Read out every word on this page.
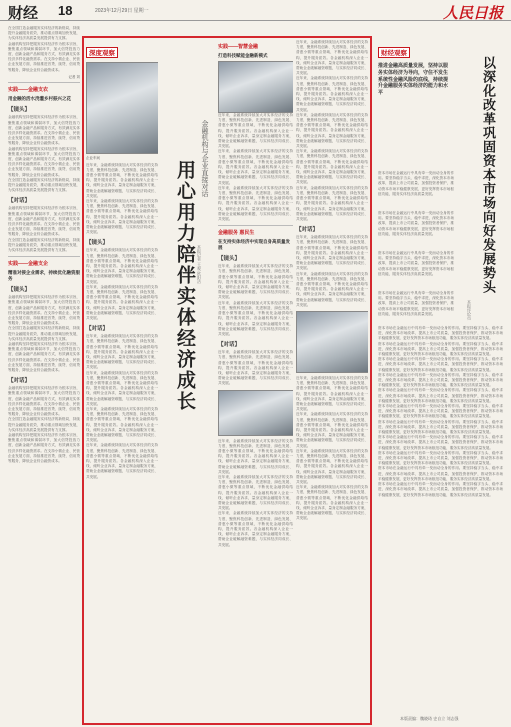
财经 18	2023年12月29日 星期一	人民日报

在全国打造金融服务实体经济的新格局，持续提升金融服务质效，推动重点领域加快发展，为实体经济高质量发展提供有力支撑。

金融机构坚持把服务实体经济作为根本宗旨，聚焦重点领域和薄弱环节，加大信贷投放力度，创新金融产品和服务方式，有效满足实体经济多样化融资需求。在支持小微企业、民营企业发展方面，持续推进首贷、续贷、信用贷等服务，降低企业综合融资成本。

记者 刘

实践——金融支农
用金融的活水浇灌乡村振兴之花
【镜头】

金融机构坚持把服务实体经济作为根本宗旨，聚焦重点领域和薄弱环节，加大信贷投放力度，创新金融产品和服务方式，有效满足实体经济多样化融资需求。在支持小微企业、民营企业发展方面，持续推进首贷、续贷、信用贷等服务，降低企业综合融资成本。

金融机构坚持把服务实体经济作为根本宗旨，聚焦重点领域和薄弱环节，加大信贷投放力度，创新金融产品和服务方式，有效满足实体经济多样化融资需求。在支持小微企业、民营企业发展方面，持续推进首贷、续贷、信用贷等服务，降低企业综合融资成本。

在全国打造金融服务实体经济的新格局，持续提升金融服务质效，推动重点领域加快发展，为实体经济高质量发展提供有力支撑。

【对话】

金融机构坚持把服务实体经济作为根本宗旨，聚焦重点领域和薄弱环节，加大信贷投放力度，创新金融产品和服务方式，有效满足实体经济多样化融资需求。在支持小微企业、民营企业发展方面，持续推进首贷、续贷、信用贷等服务，降低企业综合融资成本。

在全国打造金融服务实体经济的新格局，持续提升金融服务质效，推动重点领域加快发展，为实体经济高质量发展提供有力支撑。

实践——金融支企
精准对接企业需求，持续优化融资服务
【镜头】

金融机构坚持把服务实体经济作为根本宗旨，聚焦重点领域和薄弱环节，加大信贷投放力度，创新金融产品和服务方式，有效满足实体经济多样化融资需求。在支持小微企业、民营企业发展方面，持续推进首贷、续贷、信用贷等服务，降低企业综合融资成本。

在全国打造金融服务实体经济的新格局，持续提升金融服务质效，推动重点领域加快发展，为实体经济高质量发展提供有力支撑。

金融机构坚持把服务实体经济作为根本宗旨，聚焦重点领域和薄弱环节，加大信贷投放力度，创新金融产品和服务方式，有效满足实体经济多样化融资需求。在支持小微企业、民营企业发展方面，持续推进首贷、续贷、信用贷等服务，降低企业综合融资成本。

【对话】

金融机构坚持把服务实体经济作为根本宗旨，聚焦重点领域和薄弱环节，加大信贷投放力度，创新金融产品和服务方式，有效满足实体经济多样化融资需求。在支持小微企业、民营企业发展方面，持续推进首贷、续贷、信用贷等服务，降低企业综合融资成本。

在全国打造金融服务实体经济的新格局，持续提升金融服务质效，推动重点领域加快发展，为实体经济高质量发展提供有力支撑。

金融机构坚持把服务实体经济作为根本宗旨，聚焦重点领域和薄弱环节，加大信贷投放力度，创新金融产品和服务方式，有效满足实体经济多样化融资需求。在支持小微企业、民营企业发展方面，持续推进首贷、续贷、信用贷等服务，降低企业综合融资成本。

深度观察

企业车间

近年来，金融系统持续加大对实体经济的支持力度，聚焦科技创新、先进制造、绿色发展、普惠小微等重点领域，不断优化金融供给结构，提升服务质效。各金融机构深入企业一线，倾听企业诉求，量身定制金融服务方案，帮助企业破解融资难题，与实体经济同成长、共发展。

近年来，金融系统持续加大对实体经济的支持力度，聚焦科技创新、先进制造、绿色发展、普惠小微等重点领域，不断优化金融供给结构，提升服务质效。各金融机构深入企业一线，倾听企业诉求，量身定制金融服务方案，帮助企业破解融资难题，与实体经济同成长、共发展。

【镜头】

近年来，金融系统持续加大对实体经济的支持力度，聚焦科技创新、先进制造、绿色发展、普惠小微等重点领域，不断优化金融供给结构，提升服务质效。各金融机构深入企业一线，倾听企业诉求，量身定制金融服务方案，帮助企业破解融资难题，与实体经济同成长、共发展。

近年来，金融系统持续加大对实体经济的支持力度，聚焦科技创新、先进制造、绿色发展、普惠小微等重点领域，不断优化金融供给结构，提升服务质效。各金融机构深入企业一线，倾听企业诉求，量身定制金融服务方案，帮助企业破解融资难题，与实体经济同成长、共发展。

【对话】

近年来，金融系统持续加大对实体经济的支持力度，聚焦科技创新、先进制造、绿色发展、普惠小微等重点领域，不断优化金融供给结构，提升服务质效。各金融机构深入企业一线，倾听企业诉求，量身定制金融服务方案，帮助企业破解融资难题，与实体经济同成长、共发展。

近年来，金融系统持续加大对实体经济的支持力度，聚焦科技创新、先进制造、绿色发展、普惠小微等重点领域，不断优化金融供给结构，提升服务质效。各金融机构深入企业一线，倾听企业诉求，量身定制金融服务方案，帮助企业破解融资难题，与实体经济同成长、共发展。

近年来，金融系统持续加大对实体经济的支持力度，聚焦科技创新、先进制造、绿色发展、普惠小微等重点领域，不断优化金融供给结构，提升服务质效。各金融机构深入企业一线，倾听企业诉求，量身定制金融服务方案，帮助企业破解融资难题，与实体经济同成长、共发展。

近年来，金融系统持续加大对实体经济的支持力度，聚焦科技创新、先进制造、绿色发展、普惠小微等重点领域，不断优化金融供给结构，提升服务质效。各金融机构深入企业一线，倾听企业诉求，量身定制金融服务方案，帮助企业破解融资难题，与实体经济同成长、共发展。

用心用力陪伴实体经济成长
金融机构与企业直接对话
本报记者 王观 欧阳洁
实践——智慧金融
打造科技赋能金融新模式

近年来，金融系统持续加大对实体经济的支持力度，聚焦科技创新、先进制造、绿色发展、普惠小微等重点领域，不断优化金融供给结构，提升服务质效。各金融机构深入企业一线，倾听企业诉求，量身定制金融服务方案，帮助企业破解融资难题，与实体经济同成长、共发展。

近年来，金融系统持续加大对实体经济的支持力度，聚焦科技创新、先进制造、绿色发展、普惠小微等重点领域，不断优化金融供给结构，提升服务质效。各金融机构深入企业一线，倾听企业诉求，量身定制金融服务方案，帮助企业破解融资难题，与实体经济同成长、共发展。

近年来，金融系统持续加大对实体经济的支持力度，聚焦科技创新、先进制造、绿色发展、普惠小微等重点领域，不断优化金融供给结构，提升服务质效。各金融机构深入企业一线，倾听企业诉求，量身定制金融服务方案，帮助企业破解融资难题，与实体经济同成长、共发展。

金融服务 惠民生
在支持实体经济中实现自身高质量发展
【镜头】

近年来，金融系统持续加大对实体经济的支持力度，聚焦科技创新、先进制造、绿色发展、普惠小微等重点领域，不断优化金融供给结构，提升服务质效。各金融机构深入企业一线，倾听企业诉求，量身定制金融服务方案，帮助企业破解融资难题，与实体经济同成长、共发展。

近年来，金融系统持续加大对实体经济的支持力度，聚焦科技创新、先进制造、绿色发展、普惠小微等重点领域，不断优化金融供给结构，提升服务质效。各金融机构深入企业一线，倾听企业诉求，量身定制金融服务方案，帮助企业破解融资难题，与实体经济同成长、共发展。

【对话】

近年来，金融系统持续加大对实体经济的支持力度，聚焦科技创新、先进制造、绿色发展、普惠小微等重点领域，不断优化金融供给结构，提升服务质效。各金融机构深入企业一线，倾听企业诉求，量身定制金融服务方案，帮助企业破解融资难题，与实体经济同成长、共发展。

近年来，金融系统持续加大对实体经济的支持力度，聚焦科技创新、先进制造、绿色发展、普惠小微等重点领域，不断优化金融供给结构，提升服务质效。各金融机构深入企业一线，倾听企业诉求，量身定制金融服务方案，帮助企业破解融资难题，与实体经济同成长、共发展。

近年来，金融系统持续加大对实体经济的支持力度，聚焦科技创新、先进制造、绿色发展、普惠小微等重点领域，不断优化金融供给结构，提升服务质效。各金融机构深入企业一线，倾听企业诉求，量身定制金融服务方案，帮助企业破解融资难题，与实体经济同成长、共发展。

近年来，金融系统持续加大对实体经济的支持力度，聚焦科技创新、先进制造、绿色发展、普惠小微等重点领域，不断优化金融供给结构，提升服务质效。各金融机构深入企业一线，倾听企业诉求，量身定制金融服务方案，帮助企业破解融资难题，与实体经济同成长、共发展。

近年来，金融系统持续加大对实体经济的支持力度，聚焦科技创新、先进制造、绿色发展、普惠小微等重点领域，不断优化金融供给结构，提升服务质效。各金融机构深入企业一线，倾听企业诉求，量身定制金融服务方案，帮助企业破解融资难题，与实体经济同成长、共发展。

近年来，金融系统持续加大对实体经济的支持力度，聚焦科技创新、先进制造、绿色发展、普惠小微等重点领域，不断优化金融供给结构，提升服务质效。各金融机构深入企业一线，倾听企业诉求，量身定制金融服务方案，帮助企业破解融资难题，与实体经济同成长、共发展。

近年来，金融系统持续加大对实体经济的支持力度，聚焦科技创新、先进制造、绿色发展、普惠小微等重点领域，不断优化金融供给结构，提升服务质效。各金融机构深入企业一线，倾听企业诉求，量身定制金融服务方案，帮助企业破解融资难题，与实体经济同成长、共发展。

近年来，金融系统持续加大对实体经济的支持力度，聚焦科技创新、先进制造、绿色发展、普惠小微等重点领域，不断优化金融供给结构，提升服务质效。各金融机构深入企业一线，倾听企业诉求，量身定制金融服务方案，帮助企业破解融资难题，与实体经济同成长、共发展。

近年来，金融系统持续加大对实体经济的支持力度，聚焦科技创新、先进制造、绿色发展、普惠小微等重点领域，不断优化金融供给结构，提升服务质效。各金融机构深入企业一线，倾听企业诉求，量身定制金融服务方案，帮助企业破解融资难题，与实体经济同成长、共发展。

【对话】

近年来，金融系统持续加大对实体经济的支持力度，聚焦科技创新、先进制造、绿色发展、普惠小微等重点领域，不断优化金融供给结构，提升服务质效。各金融机构深入企业一线，倾听企业诉求，量身定制金融服务方案，帮助企业破解融资难题，与实体经济同成长、共发展。

近年来，金融系统持续加大对实体经济的支持力度，聚焦科技创新、先进制造、绿色发展、普惠小微等重点领域，不断优化金融供给结构，提升服务质效。各金融机构深入企业一线，倾听企业诉求，量身定制金融服务方案，帮助企业破解融资难题，与实体经济同成长、共发展。

近年来，金融系统持续加大对实体经济的支持力度，聚焦科技创新、先进制造、绿色发展、普惠小微等重点领域，不断优化金融供给结构，提升服务质效。各金融机构深入企业一线，倾听企业诉求，量身定制金融服务方案，帮助企业破解融资难题，与实体经济同成长、共发展。

近年来，金融系统持续加大对实体经济的支持力度，聚焦科技创新、先进制造、绿色发展、普惠小微等重点领域，不断优化金融供给结构，提升服务质效。各金融机构深入企业一线，倾听企业诉求，量身定制金融服务方案，帮助企业破解融资难题，与实体经济同成长、共发展。

近年来，金融系统持续加大对实体经济的支持力度，聚焦科技创新、先进制造、绿色发展、普惠小微等重点领域，不断优化金融供给结构，提升服务质效。各金融机构深入企业一线，倾听企业诉求，量身定制金融服务方案，帮助企业破解融资难题，与实体经济同成长、共发展。

近年来，金融系统持续加大对实体经济的支持力度，聚焦科技创新、先进制造、绿色发展、普惠小微等重点领域，不断优化金融供给结构，提升服务质效。各金融机构深入企业一线，倾听企业诉求，量身定制金融服务方案，帮助企业破解融资难题，与实体经济同成长、共发展。

财经观察

推进金融高质量发展，坚持以服务实体经济为导向，守住不发生系统性金融风险的底线，持续提升金融服务实体经济的能力和水平

资本市场在金融运行中具有牵一发而动全身的作用。要坚持稳字当头、稳中求进，深化资本市场改革，提高上市公司质量，加强投资者保护，推动资本市场平稳健康发展，更好发挥资本市场枢纽功能，服务实体经济高质量发展。

资本市场在金融运行中具有牵一发而动全身的作用。要坚持稳字当头、稳中求进，深化资本市场改革，提高上市公司质量，加强投资者保护，推动资本市场平稳健康发展，更好发挥资本市场枢纽功能，服务实体经济高质量发展。

资本市场在金融运行中具有牵一发而动全身的作用。要坚持稳字当头、稳中求进，深化资本市场改革，提高上市公司质量，加强投资者保护，推动资本市场平稳健康发展，更好发挥资本市场枢纽功能，服务实体经济高质量发展。

资本市场在金融运行中具有牵一发而动全身的作用。要坚持稳字当头、稳中求进，深化资本市场改革，提高上市公司质量，加强投资者保护，推动资本市场平稳健康发展，更好发挥资本市场枢纽功能，服务实体经济高质量发展。

资本市场在金融运行中具有牵一发而动全身的作用。要坚持稳字当头、稳中求进，深化资本市场改革，提高上市公司质量，加强投资者保护，推动资本市场平稳健康发展，更好发挥资本市场枢纽功能，服务实体经济高质量发展。

资本市场在金融运行中具有牵一发而动全身的作用。要坚持稳字当头、稳中求进，深化资本市场改革，提高上市公司质量，加强投资者保护，推动资本市场平稳健康发展，更好发挥资本市场枢纽功能，服务实体经济高质量发展。

资本市场在金融运行中具有牵一发而动全身的作用。要坚持稳字当头、稳中求进，深化资本市场改革，提高上市公司质量，加强投资者保护，推动资本市场平稳健康发展，更好发挥资本市场枢纽功能，服务实体经济高质量发展。

资本市场在金融运行中具有牵一发而动全身的作用。要坚持稳字当头、稳中求进，深化资本市场改革，提高上市公司质量，加强投资者保护，推动资本市场平稳健康发展，更好发挥资本市场枢纽功能，服务实体经济高质量发展。

资本市场在金融运行中具有牵一发而动全身的作用。要坚持稳字当头、稳中求进，深化资本市场改革，提高上市公司质量，加强投资者保护，推动资本市场平稳健康发展，更好发挥资本市场枢纽功能，服务实体经济高质量发展。

资本市场在金融运行中具有牵一发而动全身的作用。要坚持稳字当头、稳中求进，深化资本市场改革，提高上市公司质量，加强投资者保护，推动资本市场平稳健康发展，更好发挥资本市场枢纽功能，服务实体经济高质量发展。

资本市场在金融运行中具有牵一发而动全身的作用。要坚持稳字当头、稳中求进，深化资本市场改革，提高上市公司质量，加强投资者保护，推动资本市场平稳健康发展，更好发挥资本市场枢纽功能，服务实体经济高质量发展。

资本市场在金融运行中具有牵一发而动全身的作用。要坚持稳字当头、稳中求进，深化资本市场改革，提高上市公司质量，加强投资者保护，推动资本市场平稳健康发展，更好发挥资本市场枢纽功能，服务实体经济高质量发展。

资本市场在金融运行中具有牵一发而动全身的作用。要坚持稳字当头、稳中求进，深化资本市场改革，提高上市公司质量，加强投资者保护，推动资本市场平稳健康发展，更好发挥资本市场枢纽功能，服务实体经济高质量发展。

资本市场在金融运行中具有牵一发而动全身的作用。要坚持稳字当头、稳中求进，深化资本市场改革，提高上市公司质量，加强投资者保护，推动资本市场平稳健康发展，更好发挥资本市场枢纽功能，服务实体经济高质量发展。

资本市场在金融运行中具有牵一发而动全身的作用。要坚持稳字当头、稳中求进，深化资本市场改革，提高上市公司质量，加强投资者保护，推动资本市场平稳健康发展，更好发挥资本市场枢纽功能，服务实体经济高质量发展。

以深化改革巩固资本市场向好发展势头
本报评论员
本版责编：魏晓琦 史自立 刘志强
